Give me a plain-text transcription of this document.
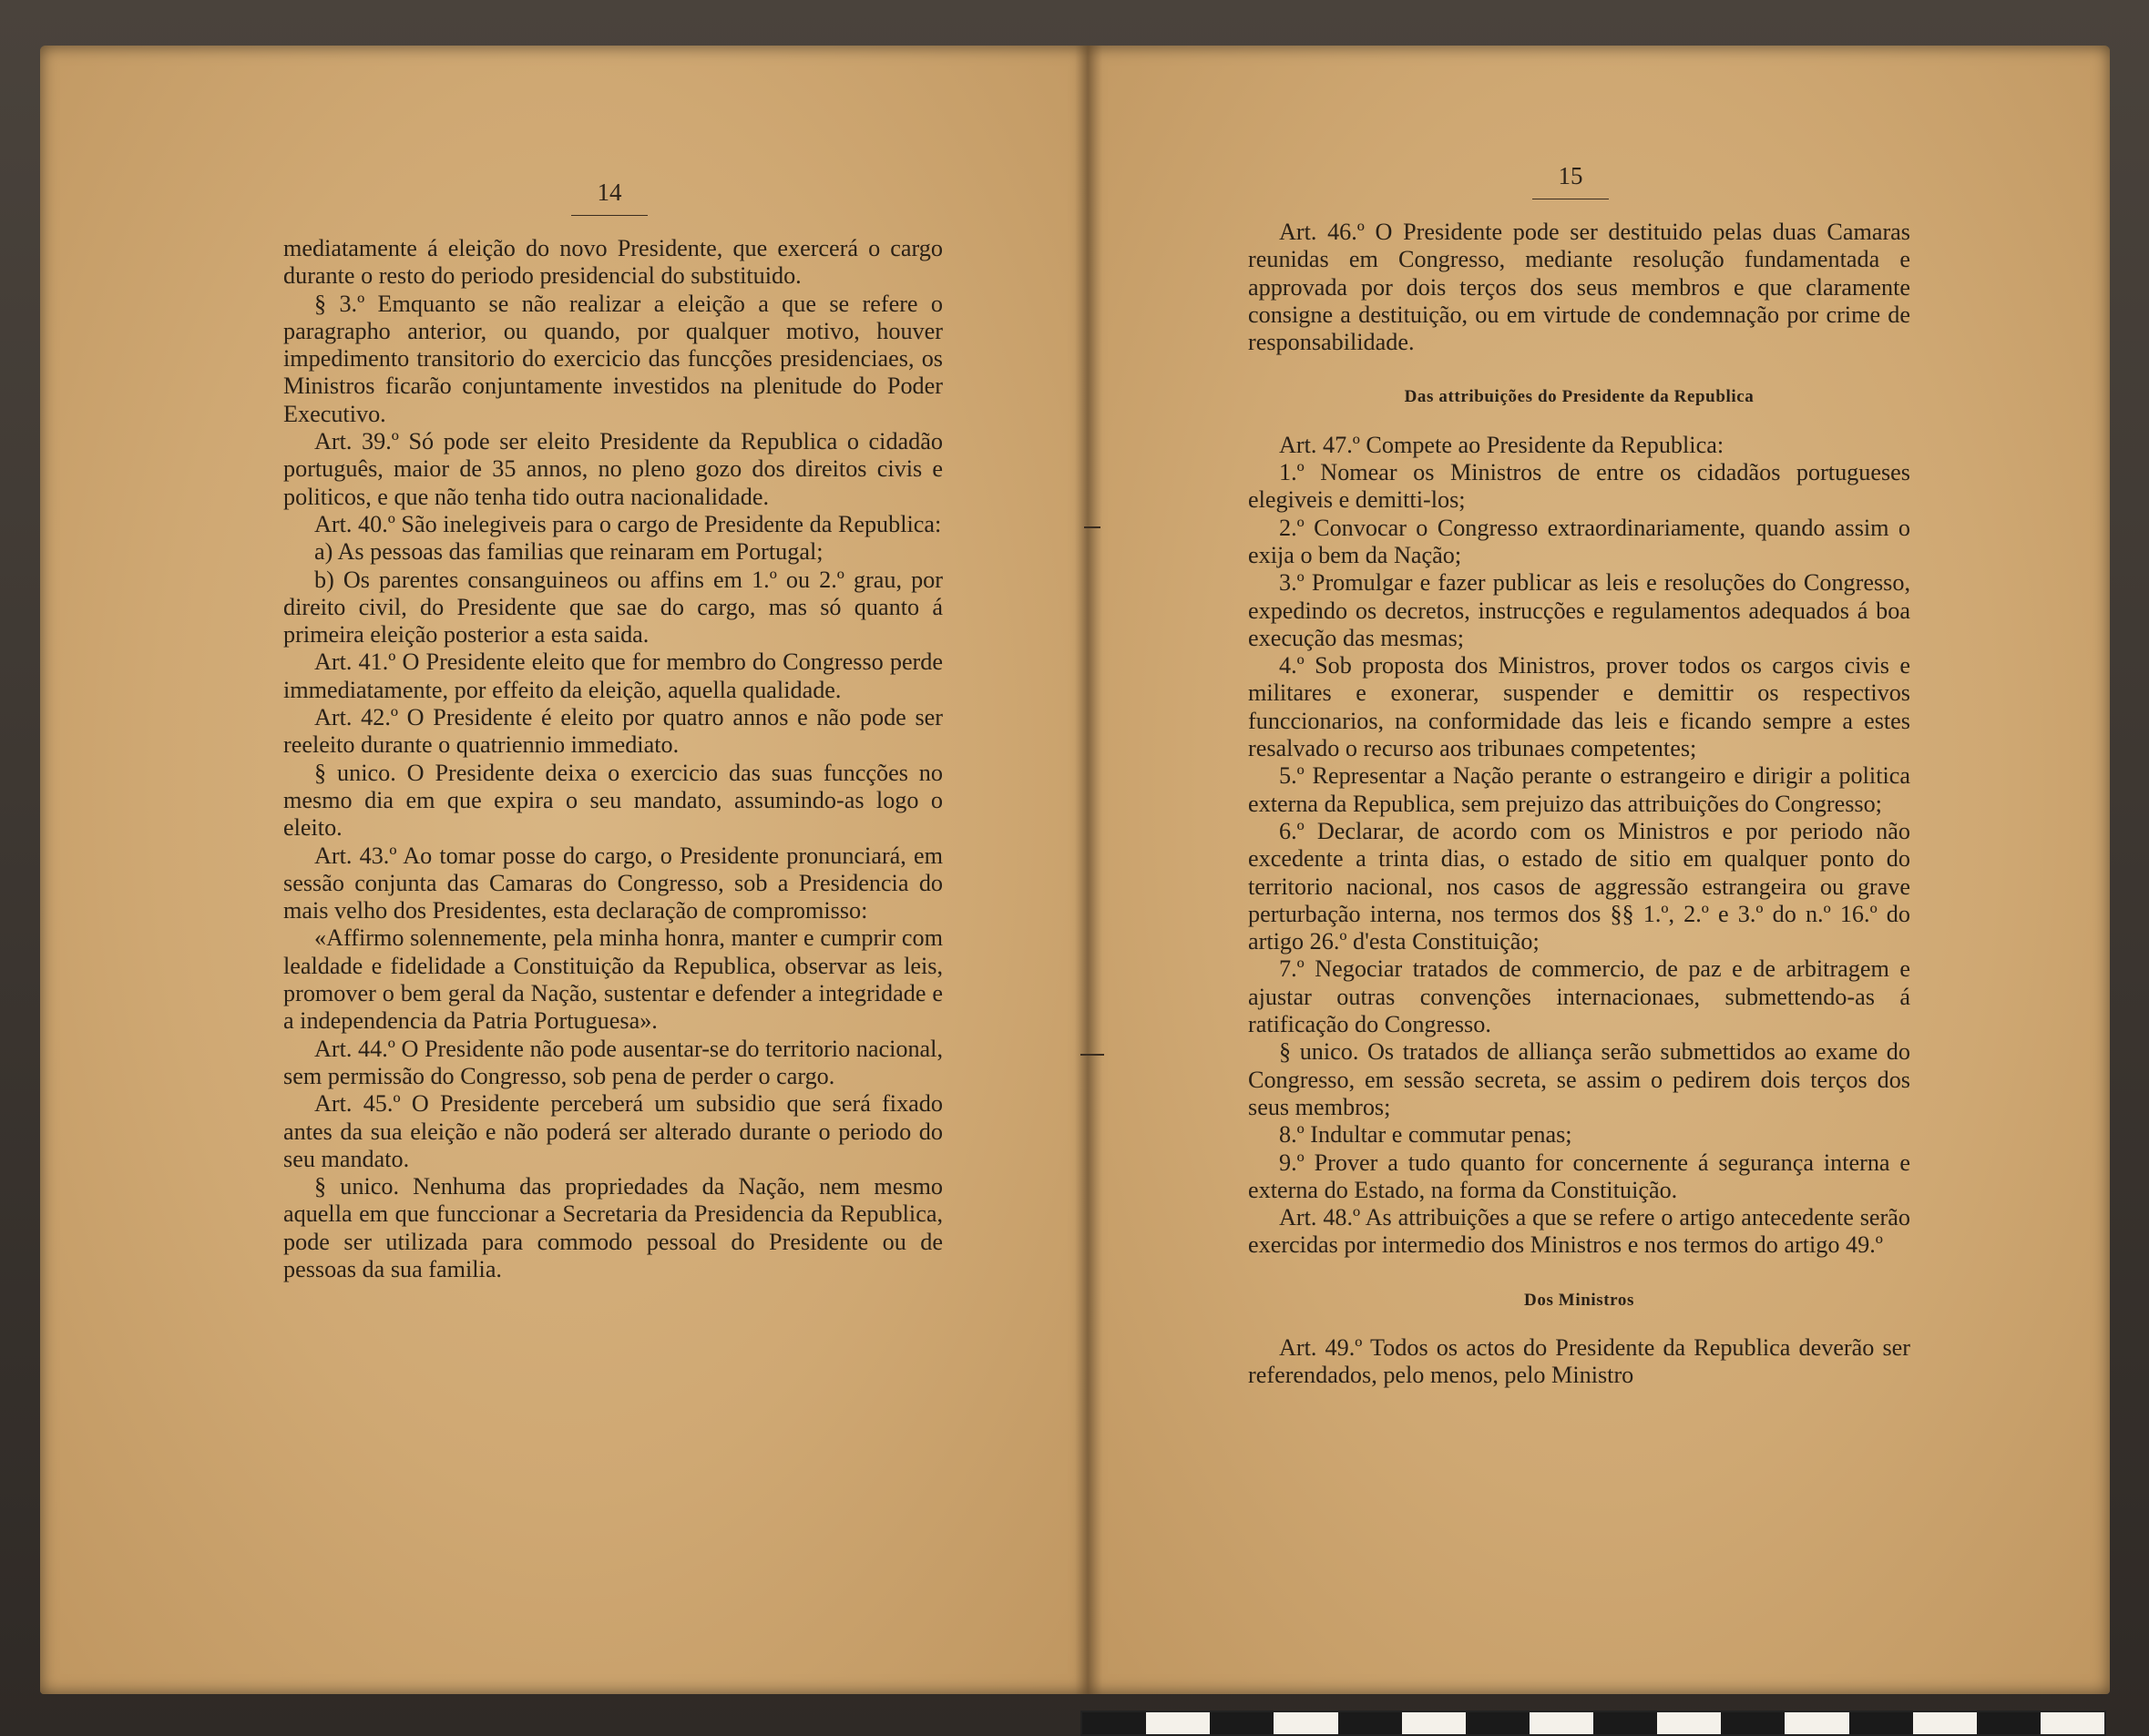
14
15

mediatamente á eleição do novo Presidente, que exercerá o cargo durante o resto do periodo presidencial do substituido.

§ 3.º Emquanto se não realizar a eleição a que se refere o paragrapho anterior, ou quando, por qualquer motivo, houver impedimento transitorio do exercicio das funcções presidenciaes, os Ministros ficarão conjuntamente investidos na plenitude do Poder Executivo.

Art. 39.º Só pode ser eleito Presidente da Republica o cidadão português, maior de 35 annos, no pleno gozo dos direitos civis e politicos, e que não tenha tido outra nacionalidade.

Art. 40.º São inelegiveis para o cargo de Presidente da Republica:

a) As pessoas das familias que reinaram em Portugal;

b) Os parentes consanguineos ou affins em 1.º ou 2.º grau, por direito civil, do Presidente que sae do cargo, mas só quanto á primeira eleição posterior a esta saida.

Art. 41.º O Presidente eleito que for membro do Congresso perde immediatamente, por effeito da eleição, aquella qualidade.

Art. 42.º O Presidente é eleito por quatro annos e não pode ser reeleito durante o quatriennio immediato.

§ unico. O Presidente deixa o exercicio das suas funcções no mesmo dia em que expira o seu mandato, assumindo-as logo o eleito.

Art. 43.º Ao tomar posse do cargo, o Presidente pronunciará, em sessão conjunta das Camaras do Congresso, sob a Presidencia do mais velho dos Presidentes, esta declaração de compromisso:

«Affirmo solennemente, pela minha honra, manter e cumprir com lealdade e fidelidade a Constituição da Republica, observar as leis, promover o bem geral da Nação, sustentar e defender a integridade e a independencia da Patria Portuguesa».

Art. 44.º O Presidente não pode ausentar-se do territorio nacional, sem permissão do Congresso, sob pena de perder o cargo.

Art. 45.º O Presidente perceberá um subsidio que será fixado antes da sua eleição e não poderá ser alterado durante o periodo do seu mandato.

§ unico. Nenhuma das propriedades da Nação, nem mesmo aquella em que funccionar a Secretaria da Presidencia da Republica, pode ser utilizada para commodo pessoal do Presidente ou de pessoas da sua familia.

Art. 46.º O Presidente pode ser destituido pelas duas Camaras reunidas em Congresso, mediante resolução fundamentada e approvada por dois terços dos seus membros e que claramente consigne a destituição, ou em virtude de condemnação por crime de responsabilidade.

Das attribuições do Presidente da Republica

Art. 47.º Compete ao Presidente da Republica:

1.º Nomear os Ministros de entre os cidadãos portugueses elegiveis e demitti-los;

2.º Convocar o Congresso extraordinariamente, quando assim o exija o bem da Nação;

3.º Promulgar e fazer publicar as leis e resoluções do Congresso, expedindo os decretos, instrucções e regulamentos adequados á boa execução das mesmas;

4.º Sob proposta dos Ministros, prover todos os cargos civis e militares e exonerar, suspender e demittir os respectivos funccionarios, na conformidade das leis e ficando sempre a estes resalvado o recurso aos tribunaes competentes;

5.º Representar a Nação perante o estrangeiro e dirigir a politica externa da Republica, sem prejuizo das attribuições do Congresso;

6.º Declarar, de acordo com os Ministros e por periodo não excedente a trinta dias, o estado de sitio em qualquer ponto do territorio nacional, nos casos de aggressão estrangeira ou grave perturbação interna, nos termos dos §§ 1.º, 2.º e 3.º do n.º 16.º do artigo 26.º d'esta Constituição;

7.º Negociar tratados de commercio, de paz e de arbitragem e ajustar outras convenções internacionaes, submettendo-as á ratificação do Congresso.

§ unico. Os tratados de alliança serão submettidos ao exame do Congresso, em sessão secreta, se assim o pedirem dois terços dos seus membros;

8.º Indultar e commutar penas;

9.º Prover a tudo quanto for concernente á segurança interna e externa do Estado, na forma da Constituição.

Art. 48.º As attribuições a que se refere o artigo antecedente serão exercidas por intermedio dos Ministros e nos termos do artigo 49.º

Dos Ministros

Art. 49.º Todos os actos do Presidente da Republica deverão ser referendados, pelo menos, pelo Ministro
